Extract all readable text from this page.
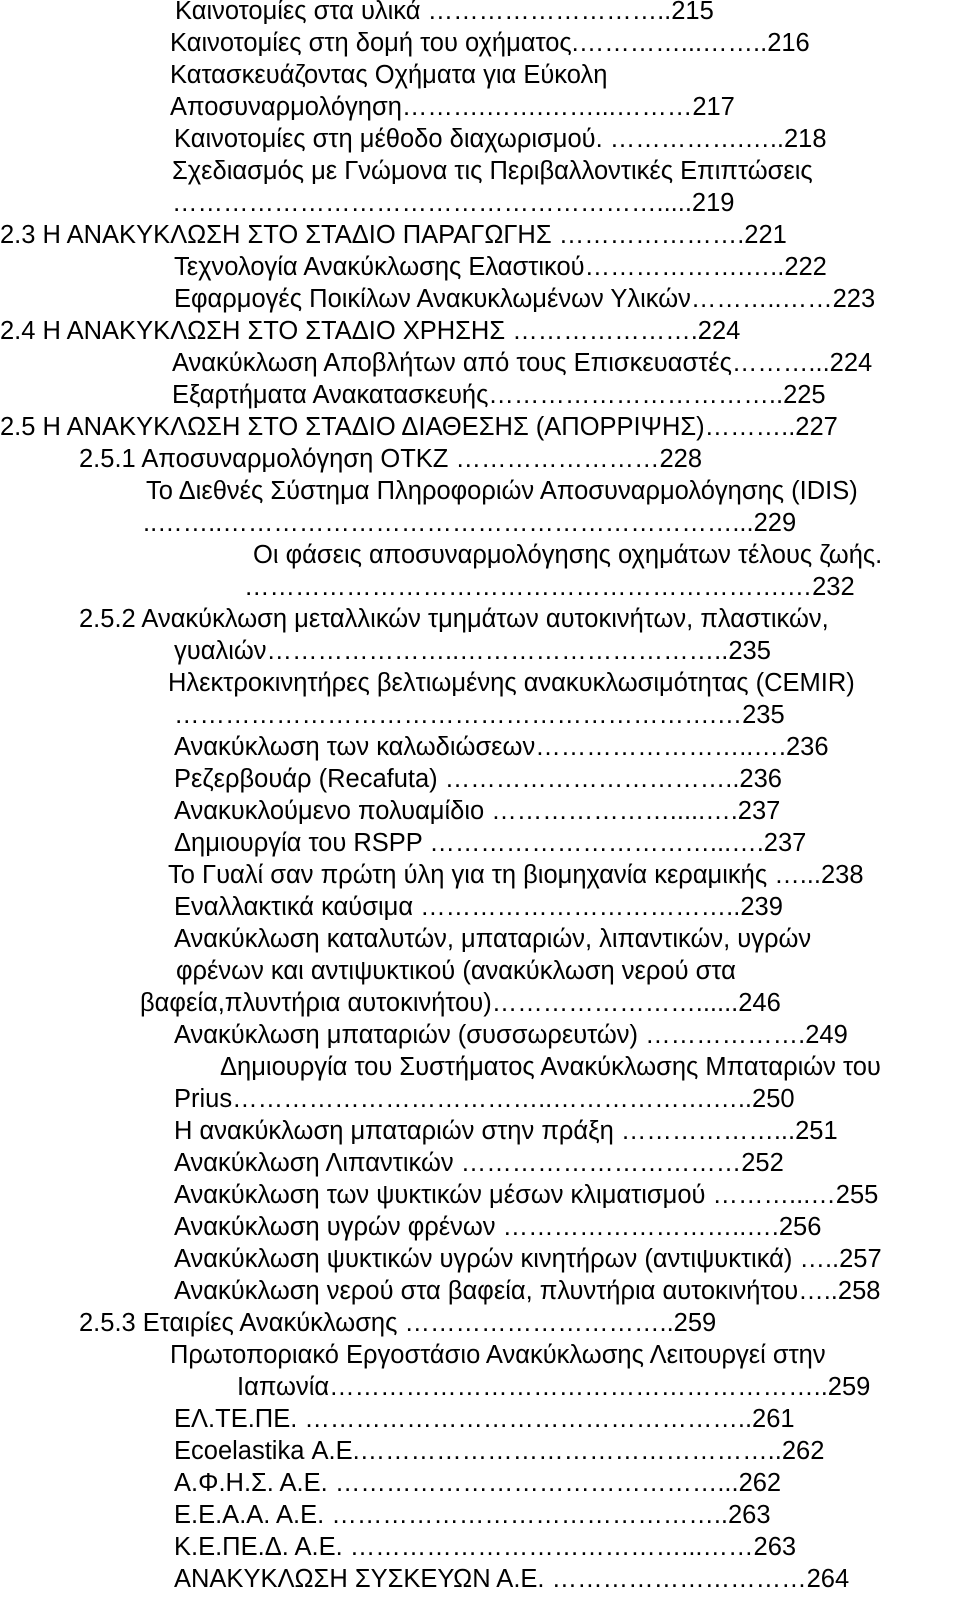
Καινοτομίες στα υλικά ………………………..215
Καινοτομίες στη δομή του οχήματος.…………...……..216
Κατασκευάζοντας Οχήματα για Εύκολη
Αποσυναρμολόγηση……….…….……...………217
Καινοτομίες στη μέθοδο διαχωρισμού. …………….…..218
Σχεδιασμός με Γνώμονα τις Περιβαλλοντικές Επιπτώσεις
………………………………………………….....219
2.3 Η ΑΝΑΚΥΚΛΩΣΗ ΣΤΟ ΣΤΑΔΙΟ ΠΑΡΑΓΩΓΗΣ ………………….221
Τεχνολογία Ανακύκλωσης Ελαστικού……………….…..222
Εφαρμογές Ποικίλων Ανακυκλωμένων Υλικών………..……223
2.4 Η ΑΝΑΚΥΚΛΩΣΗ ΣΤΟ ΣΤΑΔΙΟ ΧΡΗΣΗΣ ………………….224
Ανακύκλωση Αποβλήτων από τους Επισκευαστές………...224
Εξαρτήματα Ανακατασκευής……………………………..225
2.5 Η ΑΝΑΚΥΚΛΩΣΗ ΣΤΟ ΣΤΑΔΙΟ ΔΙΑΘΕΣΗΣ (ΑΠΟΡΡΙΨΗΣ)………..227
2.5.1 Αποσυναρμολόγηση ΟΤΚΖ ……………………228
Το Διεθνές Σύστημα Πληροφοριών Αποσυναρμολόγησης (IDIS)
..……..……………………………………………………...229
Οι φάσεις αποσυναρμολόγησης οχημάτων τέλους ζωής.
……………………………………………………….…232
2.5.2 Ανακύκλωση μεταλλικών τμημάτων αυτοκινήτων, πλαστικών,
γυαλιών…………………..…………………………..235
Ηλεκτροκινητήρες βελτιωμένης ανακυκλωσιμότητας (CEMIR)
……………………………………………………….…235
Ανακύκλωση των καλωδιώσεων……………………..….236
Ρεζερβουάρ (Recafuta) ……………………………..236
Ανακυκλούμενο πολυαμίδιο ………………….....….237
Δημιουργία του RSPP ……………………………...….237
Το Γυαλί σαν πρώτη ύλη για τη βιομηχανία κεραμικής …...238
Εναλλακτικά καύσιμα ………………………………..239
Ανακύκλωση καταλυτών, μπαταριών, λιπαντικών, υγρών
φρένων και αντιψυκτικού (ανακύκλωση νερού στα
βαφεία,πλυντήρια αυτοκινήτου)……………………......246
Ανακύκλωση μπαταριών (συσσωρευτών) ……………….249
Δημιουργία του Συστήματος Ανακύκλωσης Μπαταριών του
Prius………………………………..……………….…..250
Η ανακύκλωση μπαταριών στην πράξη ………………...251
Ανακύκλωση Λιπαντικών ……………………………252
Ανακύκλωση των ψυκτικών μέσων κλιματισμού ………...…255
Ανακύκλωση υγρών φρένων ………………………..….256
Ανακύκλωση ψυκτικών υγρών κινητήρων (αντιψυκτικά) …..257
Ανακύκλωση νερού στα βαφεία, πλυντήρια αυτοκινήτου…..258
2.5.3 Εταιρίες Ανακύκλωσης …………………………..259
Πρωτοποριακό Εργοστάσιο Ανακύκλωσης Λειτουργεί στην
Ιαπωνία…………………………………………………..259
ΕΛ.ΤΕ.ΠΕ. ……………………………………………..261
Ecoelastika Α.Ε.…………………………………………..262
Α.Φ.Η.Σ. Α.Ε. ………………………………………...262
Ε.Ε.Α.Α. Α.Ε. ………………………………………..263
Κ.Ε.ΠΕ.Δ. Α.Ε. …………………………………...……263
ΑΝΑΚΥΚΛΩΣΗ ΣΥΣΚΕΥΩΝ Α.Ε. …………………………264
